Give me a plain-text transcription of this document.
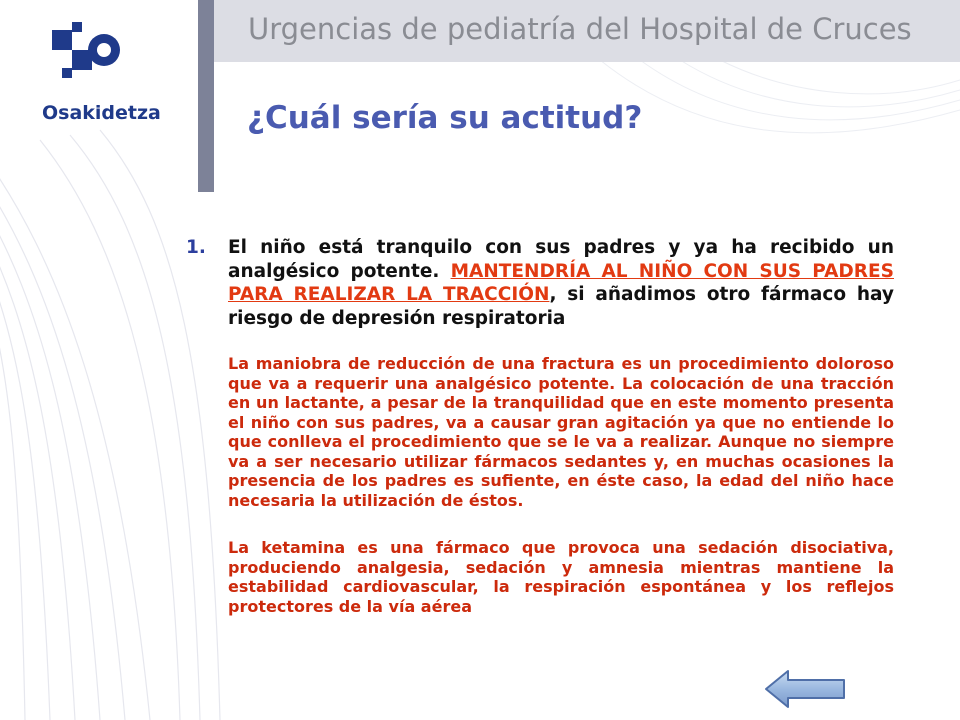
Urgencias de pediatría del Hospital de Cruces
Osakidetza	¿Cuál sería su actitud?
1.	El niño está tranquilo con sus padres y ya ha recibido un analgésico potente. MANTENDRÍA AL NIÑO CON SUS PADRES PARA REALIZAR LA TRACCIÓN, si añadimos otro fármaco hay riesgo de depresión respiratoria

La maniobra de reducción de una fractura es un procedimiento doloroso que va a requerir una analgésico potente. La colocación de una tracción en un lactante, a pesar de la tranquilidad que en este momento presenta el niño con sus padres, va a causar gran agitación ya que no entiende lo que conlleva el procedimiento que se le va a realizar. Aunque no siempre va a ser necesario utilizar fármacos sedantes y, en muchas ocasiones la presencia de los padres es sufiente, en éste caso, la edad del niño hace necesaria la utilización de éstos.

La ketamina es una fármaco que provoca una sedación disociativa, produciendo analgesia, sedación y amnesia mientras mantiene la estabilidad cardiovascular, la respiración espontánea y los reflejos protectores de la vía aérea
